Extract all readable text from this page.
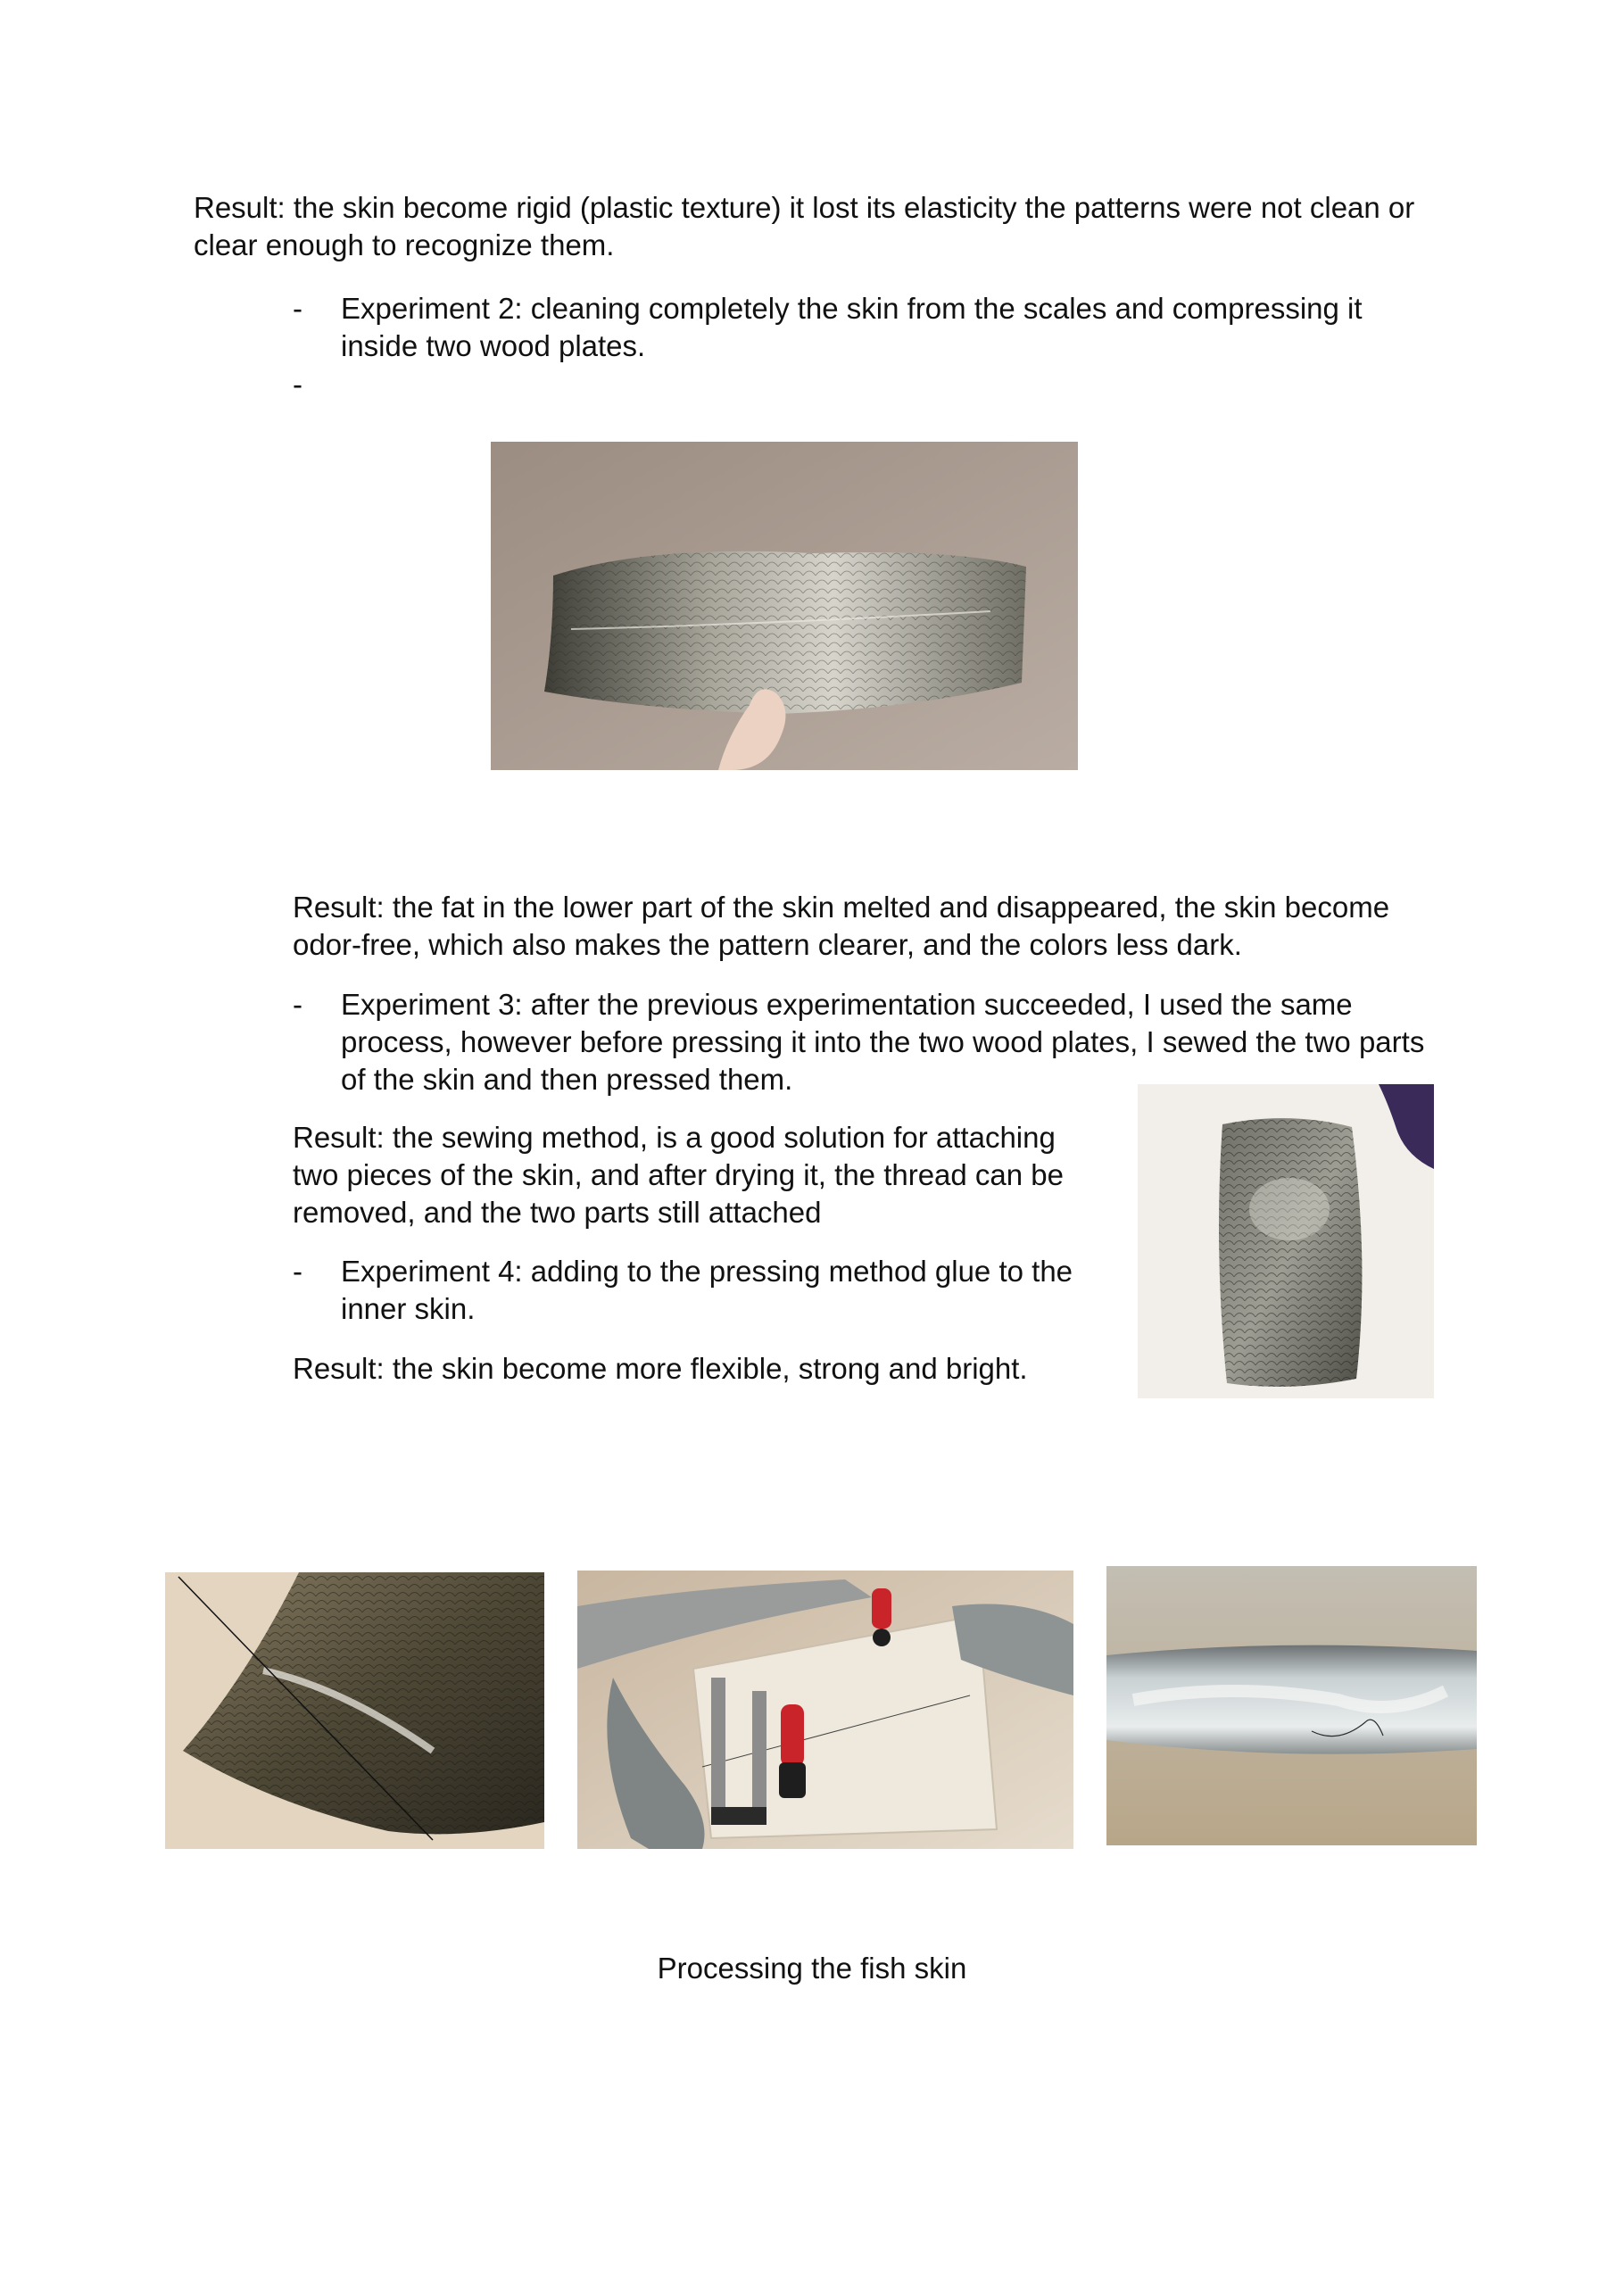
Result: the skin become rigid (plastic texture) it lost its elasticity the patterns were not clean or clear enough to recognize them.

- Experiment 2: cleaning completely the skin from the scales and compressing it inside two wood plates.

-

Result: the fat in the lower part of the skin melted and disappeared, the skin become odor-free, which also makes the pattern clearer, and the colors less dark.

- Experiment 3: after the previous experimentation succeeded, I used the same process, however before pressing it into the two wood plates, I sewed the two parts of the skin and then pressed them.

Result: the sewing method, is a good solution for attaching two pieces of the skin, and after drying it, the thread can be removed, and the two parts still attached

- Experiment 4: adding to the pressing method glue to the inner skin.

Result: the skin become more flexible, strong and bright.

Processing the fish skin
